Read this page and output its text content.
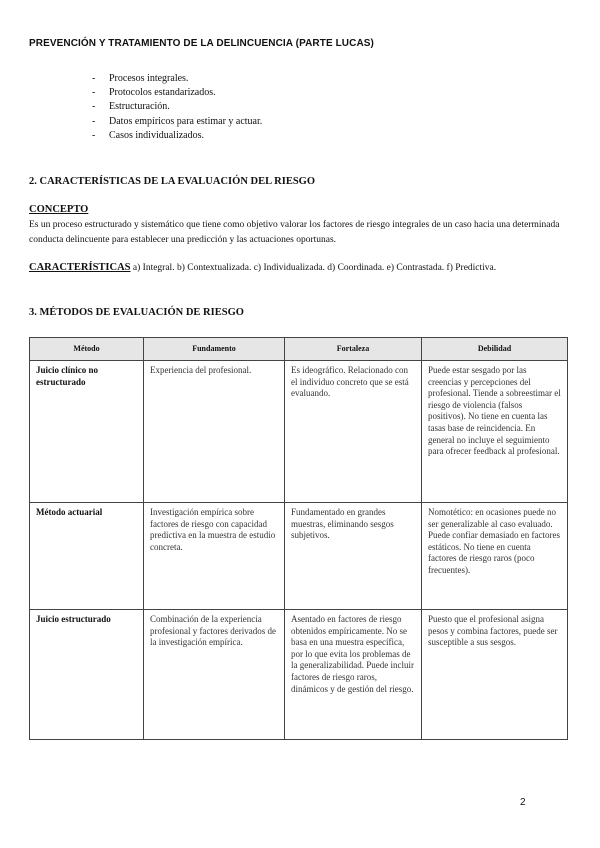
PREVENCIÓN Y TRATAMIENTO DE LA DELINCUENCIA (PARTE LUCAS)
- Procesos integrales.
- Protocolos estandarizados.
- Estructuración.
- Datos empíricos para estimar y actuar.
- Casos individualizados.
2. CARACTERÍSTICAS DE LA EVALUACIÓN DEL RIESGO
CONCEPTO
Es un proceso estructurado y sistemático que tiene como objetivo valorar los factores de riesgo integrales de un caso hacia una determinada conducta delincuente para establecer una predicción y las actuaciones oportunas.
CARACTERÍSTICAS a) Integral. b) Contextualizada. c) Individualizada. d) Coordinada. e) Contrastada. f) Predictiva.
3. MÉTODOS DE EVALUACIÓN DE RIESGO
Método	Fundamento	Fortaleza	Debilidad
Juicio clínico no estructurado	Experiencia del profesional.	Es ideográfico. Relacionado con el individuo concreto que se está evaluando.	Puede estar sesgado por las creencias y percepciones del profesional. Tiende a sobreestimar el riesgo de violencia (falsos positivos). No tiene en cuenta las tasas base de reincidencia. En general no incluye el seguimiento para ofrecer feedback al profesional.
Método actuarial	Investigación empírica sobre factores de riesgo con capacidad predictiva en la muestra de estudio concreta.	Fundamentado en grandes muestras, eliminando sesgos subjetivos.	Nomotético: en ocasiones puede no ser generalizable al caso evaluado. Puede confiar demasiado en factores estáticos. No tiene en cuenta factores de riesgo raros (poco frecuentes).
Juicio estructurado	Combinación de la experiencia profesional y factores derivados de la investigación empírica.	Asentado en factores de riesgo obtenidos empíricamente. No se basa en una muestra específica, por lo que evita los problemas de la generalizabilidad. Puede incluir factores de riesgo raros, dinámicos y de gestión del riesgo.	Puesto que el profesional asigna pesos y combina factores, puede ser susceptible a sus sesgos.
2
